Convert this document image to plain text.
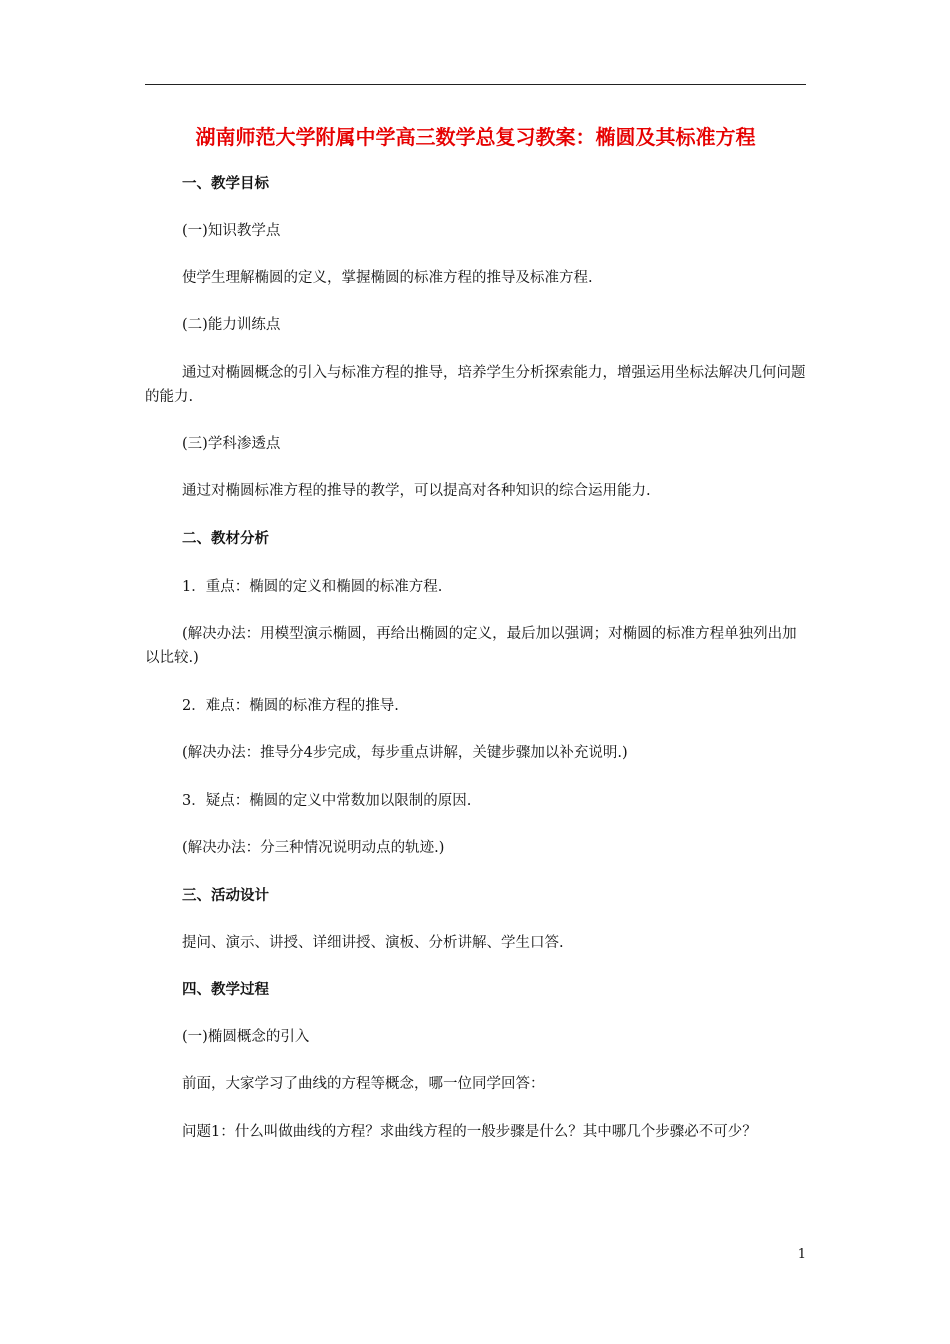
湖南师范大学附属中学高三数学总复习教案：椭圆及其标准方程
一、教学目标
(一)知识教学点
使学生理解椭圆的定义，掌握椭圆的标准方程的推导及标准方程.
(二)能力训练点
通过对椭圆概念的引入与标准方程的推导，培养学生分析探索能力，增强运用坐标法解决几何问题的能力.
(三)学科渗透点
通过对椭圆标准方程的推导的教学，可以提高对各种知识的综合运用能力.
二、教材分析
1．重点：椭圆的定义和椭圆的标准方程.
(解决办法：用模型演示椭圆，再给出椭圆的定义，最后加以强调；对椭圆的标准方程单独列出加以比较.)
2．难点：椭圆的标准方程的推导.
(解决办法：推导分4步完成，每步重点讲解，关键步骤加以补充说明.)
3．疑点：椭圆的定义中常数加以限制的原因.
(解决办法：分三种情况说明动点的轨迹.)
三、活动设计
提问、演示、讲授、详细讲授、演板、分析讲解、学生口答.
四、教学过程
(一)椭圆概念的引入
前面，大家学习了曲线的方程等概念，哪一位同学回答：
问题1：什么叫做曲线的方程？求曲线方程的一般步骤是什么？其中哪几个步骤必不可少？
1
